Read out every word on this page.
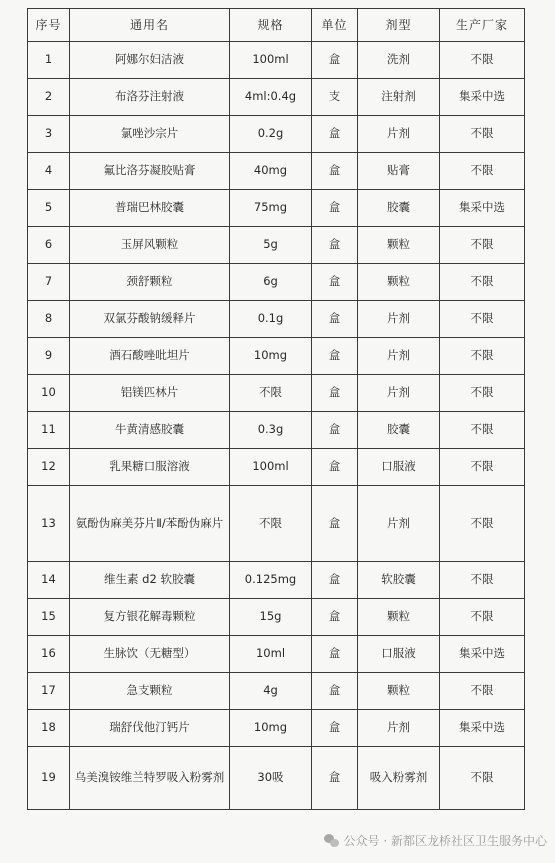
序号	通用名	规格	单位	剂型	生产厂家
1	阿娜尔妇洁液	100ml	盒	洗剂	不限
2	布洛芬注射液	4ml:0.4g	支	注射剂	集采中选
3	氯唑沙宗片	0.2g	盒	片剂	不限
4	氟比洛芬凝胶贴膏	40mg	盒	贴膏	不限
5	普瑞巴林胶囊	75mg	盒	胶囊	集采中选
6	玉屏风颗粒	5g	盒	颗粒	不限
7	颈舒颗粒	6g	盒	颗粒	不限
8	双氯芬酸钠缓释片	0.1g	盒	片剂	不限
9	酒石酸唑吡坦片	10mg	盒	片剂	不限
10	铝镁匹林片	不限	盒	片剂	不限
11	牛黄清感胶囊	0.3g	盒	胶囊	不限
12	乳果糖口服溶液	100ml	盒	口服液	不限
13	氨酚伪麻美芬片Ⅱ/苯酚伪麻片	不限	盒	片剂	不限
14	维生素 d2 软胶囊	0.125mg	盒	软胶囊	不限
15	复方银花解毒颗粒	15g	盒	颗粒	不限
16	生脉饮（无糖型）	10ml	盒	口服液	集采中选
17	急支颗粒	4g	盒	颗粒	不限
18	瑞舒伐他汀钙片	10mg	盒	片剂	集采中选
19	乌美溴铵维兰特罗吸入粉雾剂	30吸	盒	吸入粉雾剂	不限
公众号 · 新都区龙桥社区卫生服务中心
